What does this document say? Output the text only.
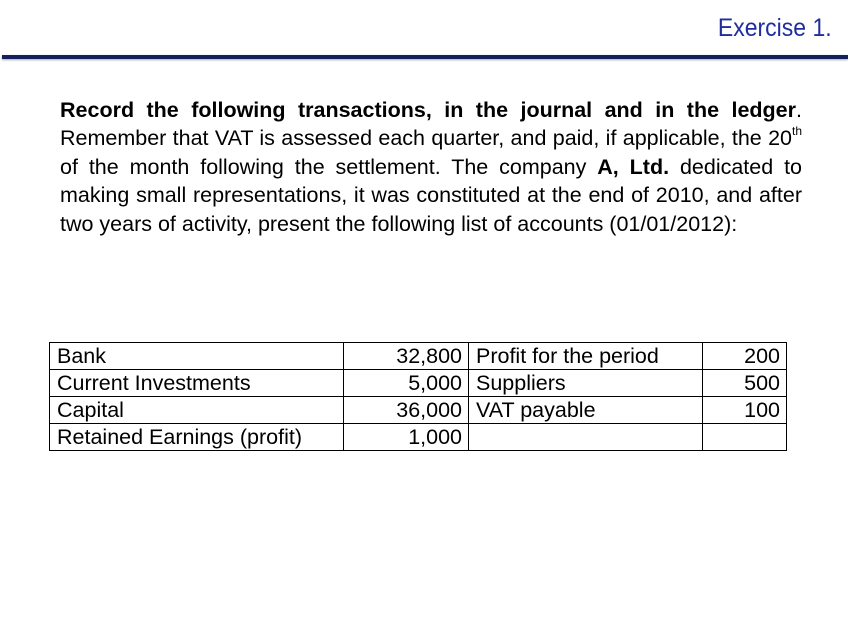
Exercise 1.

Record the following transactions, in the journal and in the ledger. Remember that VAT is assessed each quarter, and paid, if applicable, the 20th of the month following the settlement. The company A, Ltd. dedicated to making small representations, it was constituted at the end of 2010, and after two years of activity, present the following list of accounts (01/01/2012):

Bank	32,800	Profit for the period	200
Current Investments	5,000	Suppliers	500
Capital	36,000	VAT payable	100
Retained Earnings (profit)	1,000		
